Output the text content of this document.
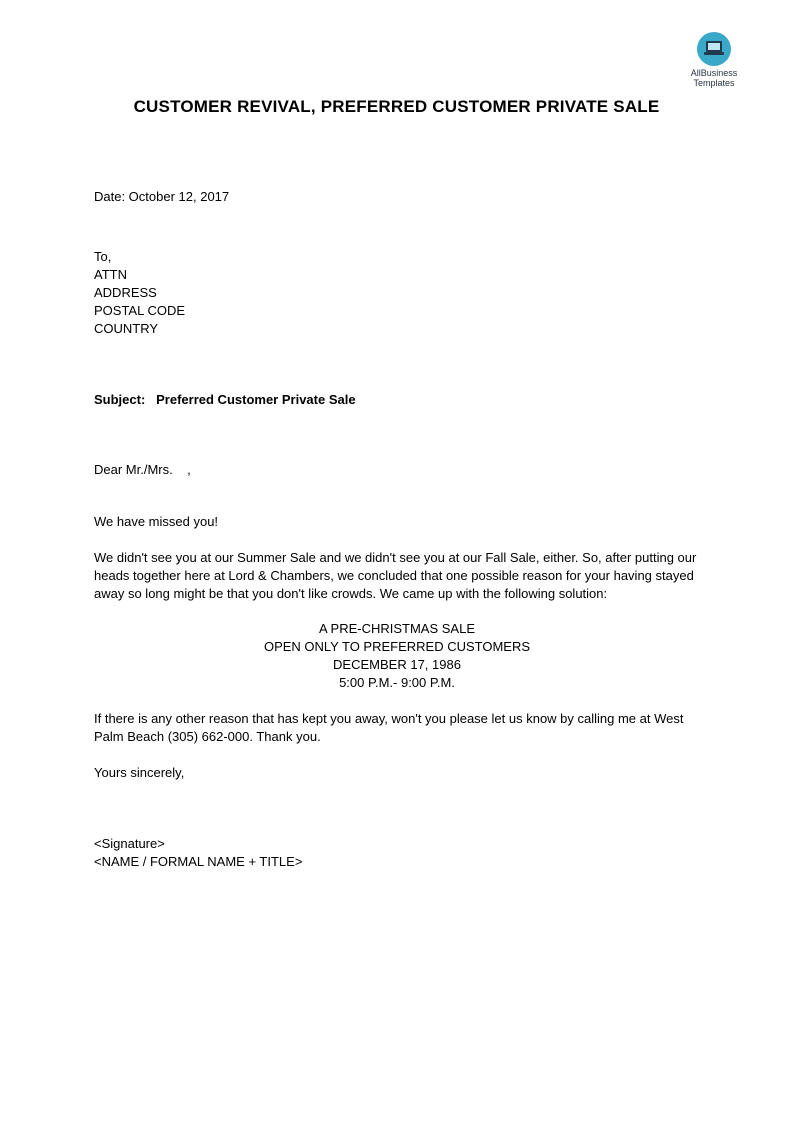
AllBusiness
Templates
CUSTOMER REVIVAL, PREFERRED CUSTOMER PRIVATE SALE
Date: October 12, 2017
To,
ATTN
ADDRESS
POSTAL CODE
COUNTRY
Subject: Preferred Customer Private Sale
Dear Mr./Mrs.    ,
We have missed you!
We didn't see you at our Summer Sale and we didn't see you at our Fall Sale, either. So, after putting our heads together here at Lord & Chambers, we concluded that one possible reason for your having stayed away so long might be that you don't like crowds. We came up with the following solution:
A PRE-CHRISTMAS SALE
OPEN ONLY TO PREFERRED CUSTOMERS
DECEMBER 17, 1986
5:00 P.M.- 9:00 P.M.
If there is any other reason that has kept you away, won't you please let us know by calling me at West Palm Beach (305) 662-000. Thank you.
Yours sincerely,
<Signature>
<NAME / FORMAL NAME + TITLE>
